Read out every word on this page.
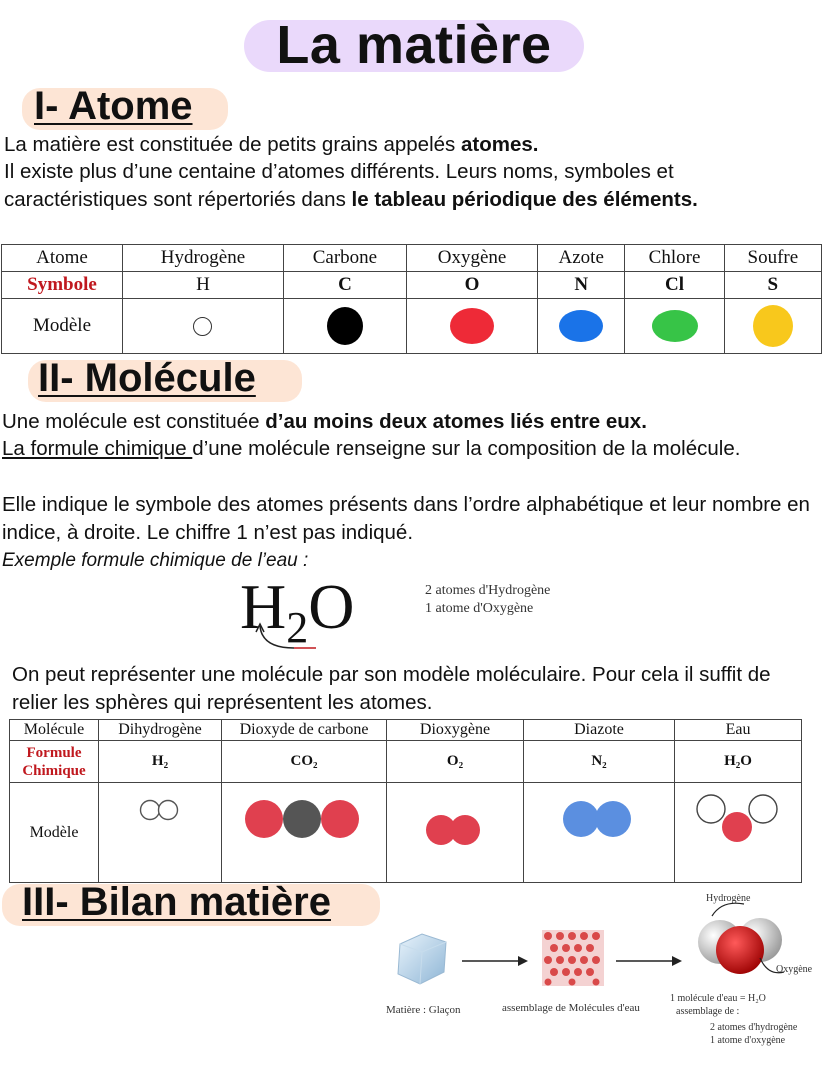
La matière
I- Atome
La matière est constituée de petits grains appelés atomes.
Il existe plus d’une centaine d’atomes différents. Leurs noms, symboles et caractéristiques sont répertoriés dans le tableau périodique des éléments.
Atome	Hydrogène	Carbone	Oxygène	Azote	Chlore	Soufre
Symbole	H	C	O	N	Cl	S
Modèle						
II- Molécule
Une molécule est constituée d’au moins deux atomes liés entre eux.
La formule chimique d’une molécule renseigne sur la composition de la molécule.
Elle indique le symbole des atomes présents dans l’ordre alphabétique et leur nombre en indice, à droite. Le chiffre 1 n’est pas indiqué.
Exemple formule chimique de l’eau :
$H_2O$	2 atomes d'Hydrogène
1 atome d'Oxygène
On peut représenter une molécule par son modèle moléculaire. Pour cela il suffit de relier les sphères qui représentent les atomes.
Molécule	Dihydrogène	Dioxyde de carbone	Dioxygène	Diazote	Eau
Formule Chimique	H₂	CO₂	O₂	N₂	H₂O
Modèle					
III- Bilan matière
Matière : Glaçon	assemblage de Molécules d'eau
Hydrogène
Oxygène
1 molécule d'eau = H₂O
assemblage de :
2 atomes d'hydrogène
1 atome d'oxygène
